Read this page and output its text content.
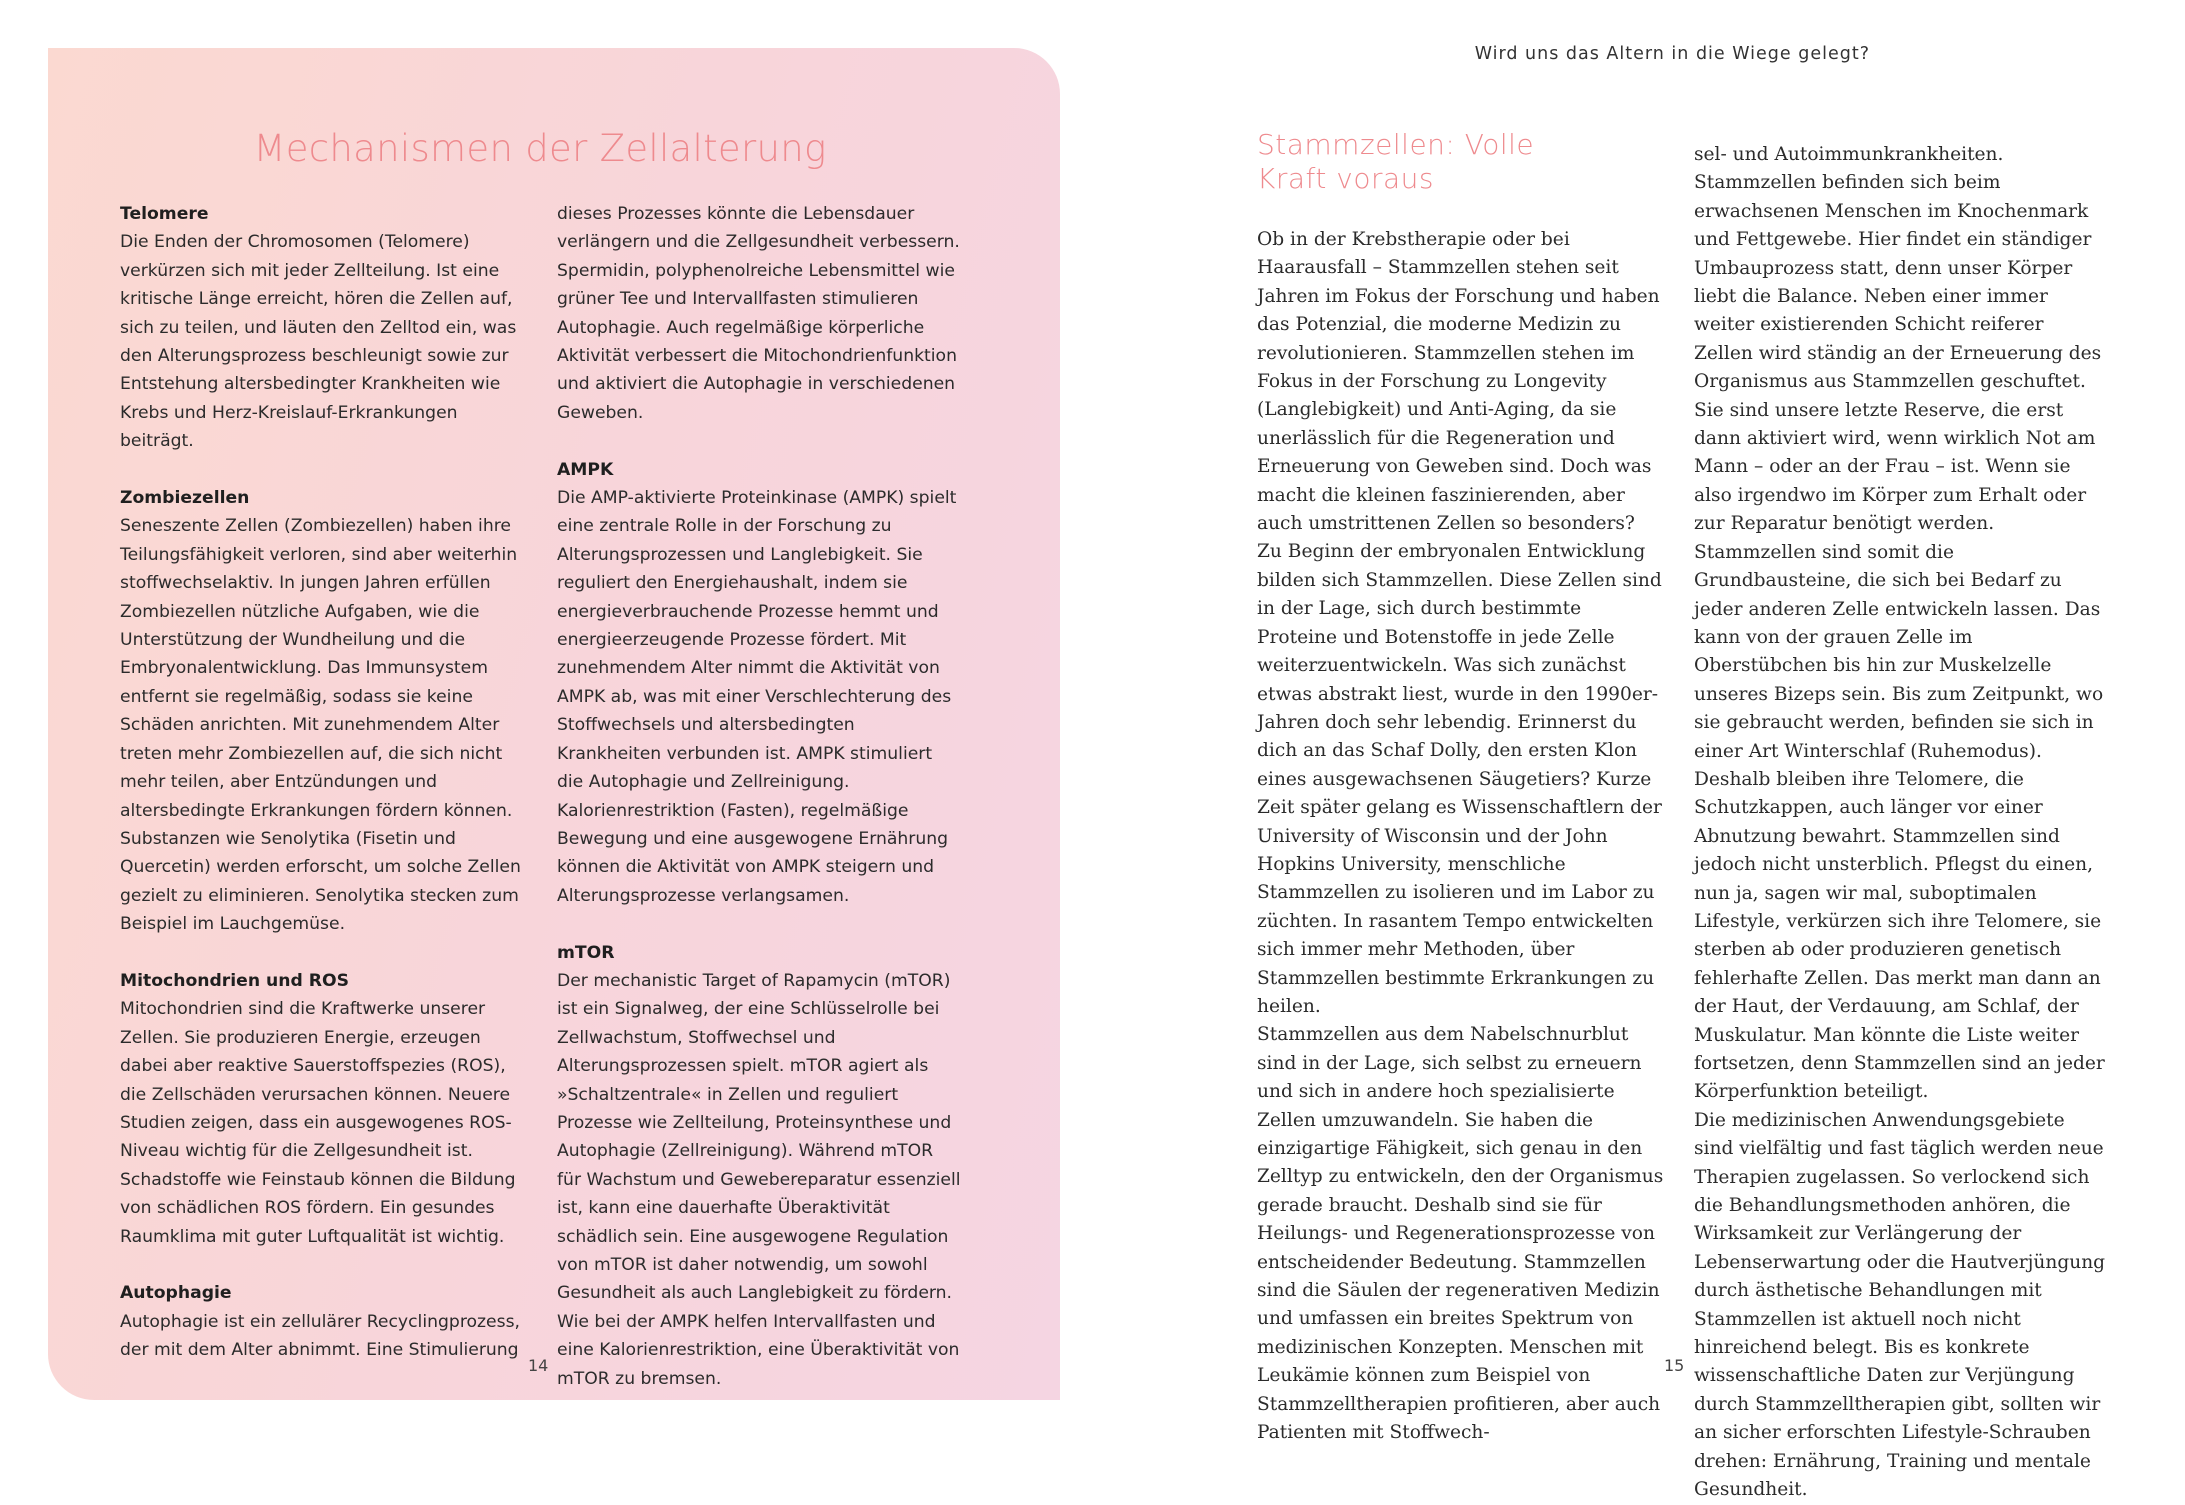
Mechanismen der Zellalterung
Telomere

Die Enden der Chromosomen (Telomere) verkürzen sich mit jeder Zellteilung. Ist eine kritische Länge erreicht, hören die Zellen auf, sich zu teilen, und läuten den Zelltod ein, was den Alterungsprozess beschleunigt sowie zur Entstehung altersbedingter Krankheiten wie Krebs und Herz-Kreislauf-Erkrankungen beiträgt.

Zombiezellen

Seneszente Zellen (Zombiezellen) haben ihre Teilungsfähigkeit verloren, sind aber weiterhin stoffwechselaktiv. In jungen Jahren erfüllen Zombiezellen nützliche Aufgaben, wie die Unterstützung der Wundheilung und die Embryonalentwicklung. Das Immunsystem entfernt sie regelmäßig, sodass sie keine Schäden anrichten. Mit zunehmendem Alter treten mehr Zombiezellen auf, die sich nicht mehr teilen, aber Entzündungen und altersbedingte Erkrankungen fördern können. Substanzen wie Senolytika (Fisetin und Quercetin) werden erforscht, um solche Zellen gezielt zu eliminieren. Senolytika stecken zum Beispiel im Lauchgemüse.

Mitochondrien und ROS

Mitochondrien sind die Kraftwerke unserer Zellen. Sie produzieren Energie, erzeugen dabei aber reaktive Sauerstoffspezies (ROS), die Zellschäden verursachen können. Neuere Studien zeigen, dass ein ausgewogenes ROS-Niveau wichtig für die Zellgesundheit ist. Schadstoffe wie Feinstaub können die Bildung von schädlichen ROS fördern. Ein gesundes Raumklima mit guter Luftqualität ist wichtig.

Autophagie

Autophagie ist ein zellulärer Recyclingprozess, der mit dem Alter abnimmt. Eine Stimulierung

dieses Prozesses könnte die Lebensdauer verlängern und die Zellgesundheit verbessern. Spermidin, polyphenolreiche Lebensmittel wie grüner Tee und Intervallfasten stimulieren Autophagie. Auch regelmäßige körperliche Aktivität verbessert die Mitochondrienfunktion und aktiviert die Autophagie in verschiedenen Geweben.

AMPK

Die AMP-aktivierte Proteinkinase (AMPK) spielt eine zentrale Rolle in der Forschung zu Alterungsprozessen und Langlebigkeit. Sie reguliert den Energiehaushalt, indem sie energieverbrauchende Prozesse hemmt und energieerzeugende Prozesse fördert. Mit zunehmendem Alter nimmt die Aktivität von AMPK ab, was mit einer Verschlechterung des Stoffwechsels und altersbedingten Krankheiten verbunden ist. AMPK stimuliert die Autophagie und Zellreinigung. Kalorienrestriktion (Fasten), regelmäßige Bewegung und eine ausgewogene Ernährung können die Aktivität von AMPK steigern und Alterungsprozesse verlangsamen.

mTOR

Der mechanistic Target of Rapamycin (mTOR) ist ein Signalweg, der eine Schlüsselrolle bei Zellwachstum, Stoffwechsel und Alterungsprozessen spielt. mTOR agiert als »Schaltzentrale« in Zellen und reguliert Prozesse wie Zellteilung, Proteinsynthese und Autophagie (Zellreinigung). Während mTOR für Wachstum und Gewebereparatur essenziell ist, kann eine dauerhafte Überaktivität schädlich sein. Eine ausgewogene Regulation von mTOR ist daher notwendig, um sowohl Gesundheit als auch Langlebigkeit zu fördern. Wie bei der AMPK helfen Intervallfasten und eine Kalorienrestriktion, eine Überaktivität von mTOR zu bremsen.

14
Wird uns das Altern in die Wiege gelegt?
Stammzellen: Volle
Kraft voraus

Ob in der Krebstherapie oder bei Haarausfall – Stammzellen stehen seit Jahren im Fokus der Forschung und haben das Potenzial, die moderne Medizin zu revolutionieren. Stammzellen stehen im Fokus in der Forschung zu Longevity (Langlebigkeit) und Anti-Aging, da sie unerlässlich für die Regeneration und Erneuerung von Geweben sind. Doch was macht die kleinen faszinierenden, aber auch umstrittenen Zellen so besonders?

Zu Beginn der embryonalen Entwicklung bilden sich Stammzellen. Diese Zellen sind in der Lage, sich durch bestimmte Proteine und Botenstoffe in jede Zelle weiterzuentwickeln. Was sich zunächst etwas abstrakt liest, wurde in den 1990er-Jahren doch sehr lebendig. Erinnerst du dich an das Schaf Dolly, den ersten Klon eines ausgewachsenen Säugetiers? Kurze Zeit später gelang es Wissenschaftlern der University of Wisconsin und der John Hopkins University, menschliche Stammzellen zu isolieren und im Labor zu züchten. In rasantem Tempo entwickelten sich immer mehr Methoden, über Stammzellen bestimmte Erkrankungen zu heilen.

Stammzellen aus dem Nabelschnurblut sind in der Lage, sich selbst zu erneuern und sich in andere hoch spezialisierte Zellen umzuwandeln. Sie haben die einzigartige Fähigkeit, sich genau in den Zelltyp zu entwickeln, den der Organismus gerade braucht. Deshalb sind sie für Heilungs- und Regenerationsprozesse von entscheidender Bedeutung. Stammzellen sind die Säulen der regenerativen Medizin und umfassen ein breites Spektrum von medizinischen Konzepten. Menschen mit Leukämie können zum Beispiel von Stammzelltherapien profitieren, aber auch Patienten mit Stoffwech-

sel- und Autoimmunkrankheiten. Stammzellen befinden sich beim erwachsenen Menschen im Knochenmark und Fettgewebe. Hier findet ein ständiger Umbauprozess statt, denn unser Körper liebt die Balance. Neben einer immer weiter existierenden Schicht reiferer Zellen wird ständig an der Erneuerung des Organismus aus Stammzellen geschuftet. Sie sind unsere letzte Reserve, die erst dann aktiviert wird, wenn wirklich Not am Mann – oder an der Frau – ist. Wenn sie also irgendwo im Körper zum Erhalt oder zur Reparatur benötigt werden. Stammzellen sind somit die Grundbausteine, die sich bei Bedarf zu jeder anderen Zelle entwickeln lassen. Das kann von der grauen Zelle im Oberstübchen bis hin zur Muskelzelle unseres Bizeps sein. Bis zum Zeitpunkt, wo sie gebraucht werden, befinden sie sich in einer Art Winterschlaf (Ruhemodus). Deshalb bleiben ihre Telomere, die Schutzkappen, auch länger vor einer Abnutzung bewahrt. Stammzellen sind jedoch nicht unsterblich. Pflegst du einen, nun ja, sagen wir mal, suboptimalen Lifestyle, verkürzen sich ihre Telomere, sie sterben ab oder produzieren genetisch fehlerhafte Zellen. Das merkt man dann an der Haut, der Verdauung, am Schlaf, der Muskulatur. Man könnte die Liste weiter fortsetzen, denn Stammzellen sind an jeder Körperfunktion beteiligt.

Die medizinischen Anwendungsgebiete sind vielfältig und fast täglich werden neue Therapien zugelassen. So verlockend sich die Behandlungsmethoden anhören, die Wirksamkeit zur Verlängerung der Lebenserwartung oder die Hautverjüngung durch ästhetische Behandlungen mit Stammzellen ist aktuell noch nicht hinreichend belegt. Bis es konkrete wissenschaftliche Daten zur Verjüngung durch Stammzelltherapien gibt, sollten wir an sicher erforschten Lifestyle-Schrauben drehen: Ernährung, Training und mentale Gesundheit.

15
